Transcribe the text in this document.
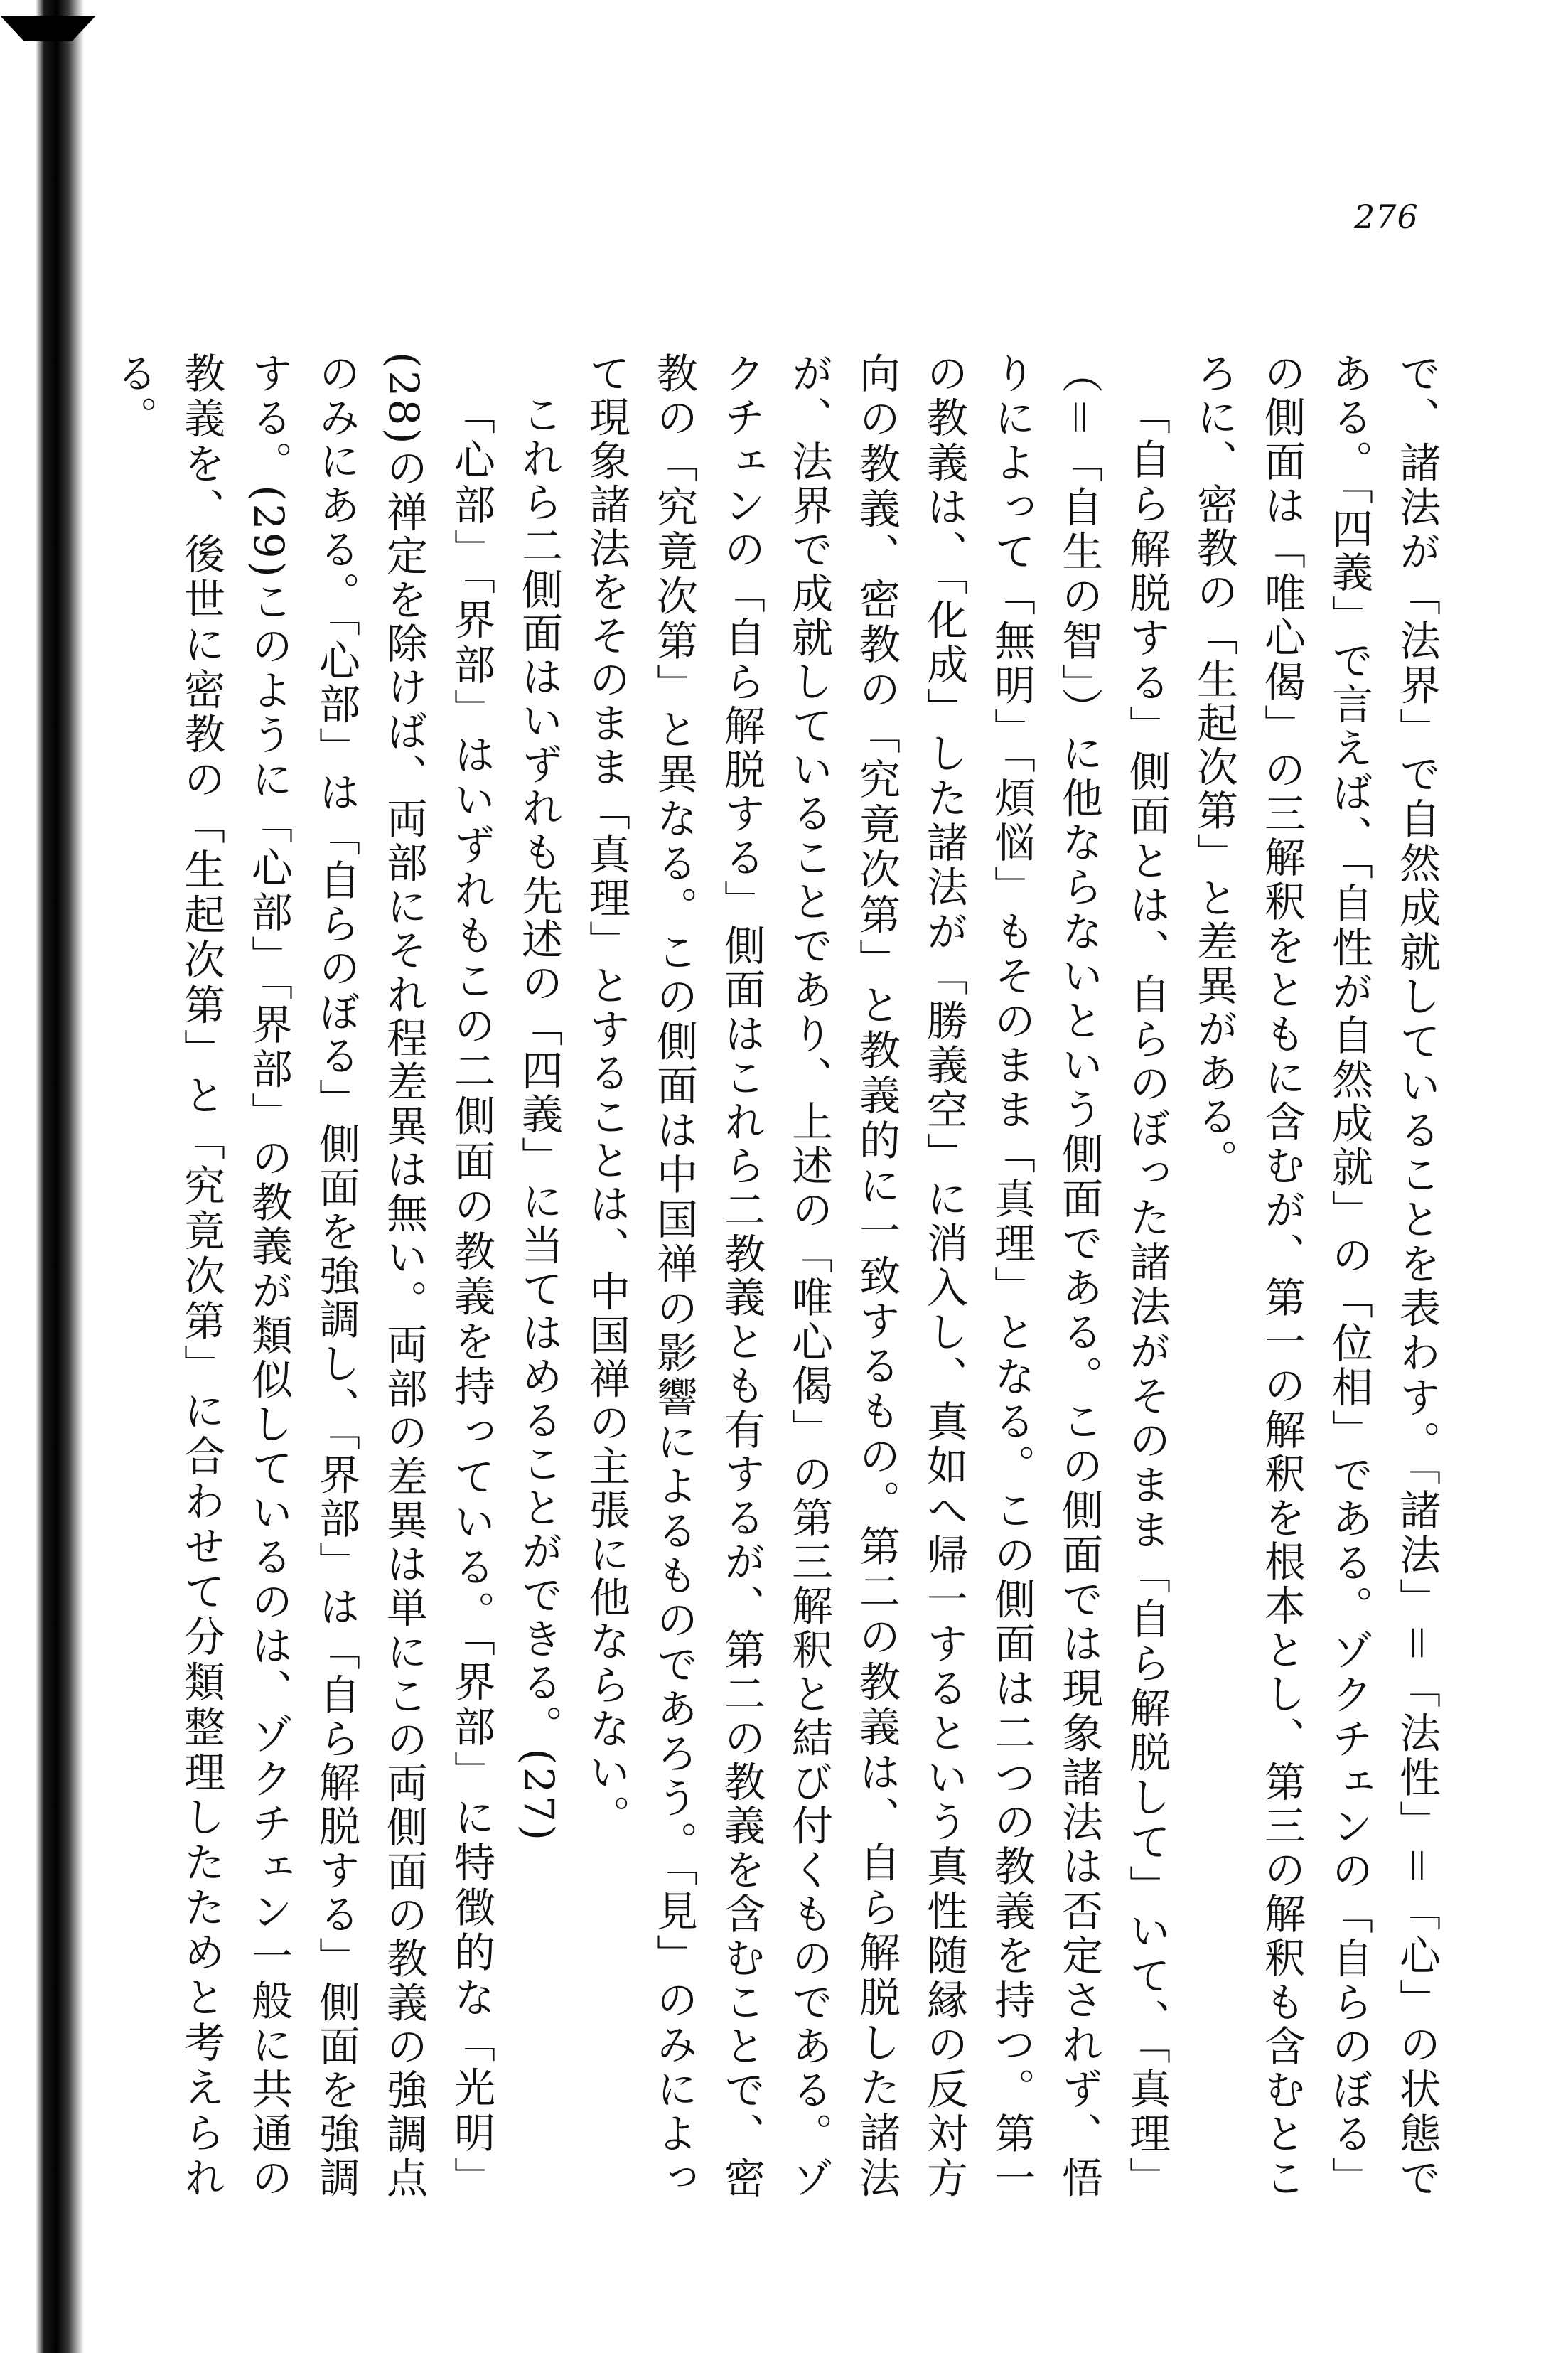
276

で、諸法が「法界」で自然成就していることを表わす。「諸法」＝「法性」＝「心」の状態である。「四義」で言えば、「自性が自然成就」の「位相」である。ゾクチェンの「自らのぼる」の側面は「唯心偈」の三解釈をともに含むが、第一の解釈を根本とし、第三の解釈も含むところに、密教の「生起次第」と差異がある。

「自ら解脱する」側面とは、自らのぼった諸法がそのまま「自ら解脱して」いて、「真理」（＝「自生の智」）に他ならないという側面である。この側面では現象諸法は否定されず、悟りによって「無明」「煩悩」もそのまま「真理」となる。この側面は二つの教義を持つ。第一の教義は、「化成」した諸法が「勝義空」に消入し、真如へ帰一するという真性随縁の反対方向の教義、密教の「究竟次第」と教義的に一致するもの。第二の教義は、自ら解脱した諸法が、法界で成就していることであり、上述の「唯心偈」の第三解釈と結び付くものである。ゾクチェンの「自ら解脱する」側面はこれら二教義とも有するが、第二の教義を含むことで、密教の「究竟次第」と異なる。この側面は中国禅の影響によるものであろう。「見」のみによって現象諸法をそのまま「真理」とすることは、中国禅の主張に他ならない。

これら二側面はいずれも先述の「四義」に当てはめることができる。(27)

「心部」「界部」はいずれもこの二側面の教義を持っている。「界部」に特徴的な「光明」(28)の禅定を除けば、両部にそれ程差異は無い。両部の差異は単にこの両側面の教義の強調点のみにある。「心部」は「自らのぼる」側面を強調し、「界部」は「自ら解脱する」側面を強調する。(29)このように「心部」「界部」の教義が類似しているのは、ゾクチェン一般に共通の教義を、後世に密教の「生起次第」と「究竟次第」に合わせて分類整理したためと考えられる。
